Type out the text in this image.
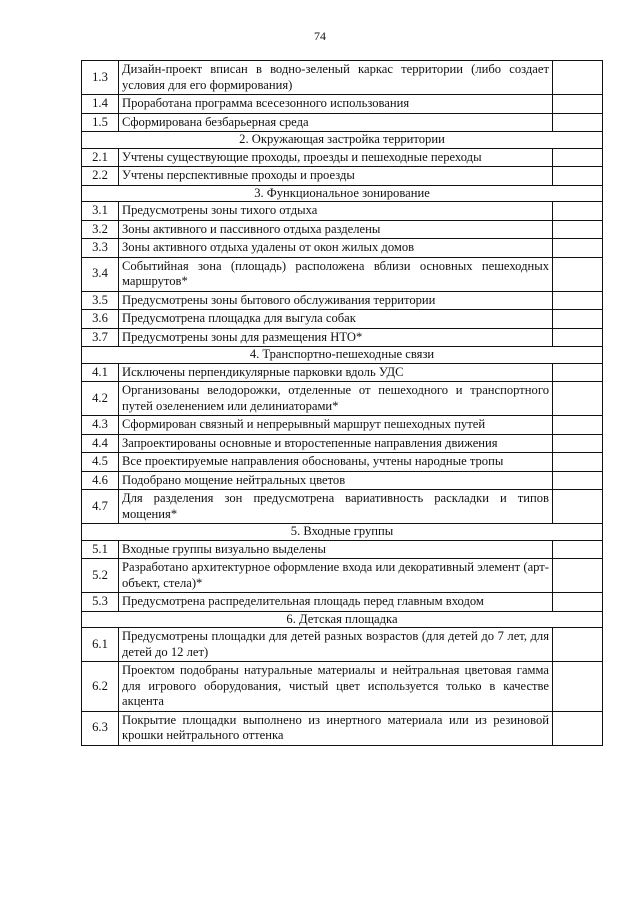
74
1.3	Дизайн-проект вписан в водно-зеленый каркас территории (либо создает условия для его формирования)	
1.4	Проработана программа всесезонного использования	
1.5	Сформирована безбарьерная среда	
2. Окружающая застройка территории		
2.1	Учтены существующие проходы, проезды и пешеходные переходы	
2.2	Учтены перспективные проходы и проезды	
3. Функциональное зонирование		
3.1	Предусмотрены зоны тихого отдыха	
3.2	Зоны активного и пассивного отдыха разделены	
3.3	Зоны активного отдыха удалены от окон жилых домов	
3.4	Событийная зона (площадь) расположена вблизи основных пешеходных маршрутов*	
3.5	Предусмотрены зоны бытового обслуживания территории	
3.6	Предусмотрена площадка для выгула собак	
3.7	Предусмотрены зоны для размещения НТО*	
4. Транспортно-пешеходные связи		
4.1	Исключены перпендикулярные парковки вдоль УДС	
4.2	Организованы велодорожки, отделенные от пешеходного и транспортного путей озеленением или делиниаторами*	
4.3	Сформирован связный и непрерывный маршрут пешеходных путей	
4.4	Запроектированы основные и второстепенные направления движения	
4.5	Все проектируемые направления обоснованы, учтены народные тропы	
4.6	Подобрано мощение нейтральных цветов	
4.7	Для разделения зон предусмотрена вариативность раскладки и типов мощения*	
5. Входные группы		
5.1	Входные группы визуально выделены	
5.2	Разработано архитектурное оформление входа или декоративный элемент (арт-объект, стела)*	
5.3	Предусмотрена распределительная площадь перед главным входом	
6. Детская площадка		
6.1	Предусмотрены площадки для детей разных возрастов (для детей до 7 лет, для детей до 12 лет)	
6.2	Проектом подобраны натуральные материалы и нейтральная цветовая гамма для игрового оборудования, чистый цвет используется только в качестве акцента	
6.3	Покрытие площадки выполнено из инертного материала или из резиновой крошки нейтрального оттенка	
